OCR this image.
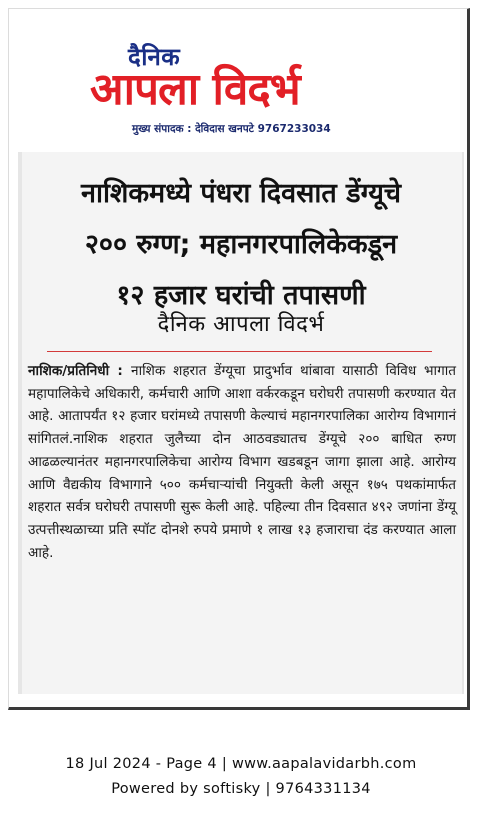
दैनिक
आपला विदर्भ
मुख्य संपादक : देविदास खनपटे 9767233034
नाशिकमध्ये पंधरा दिवसात डेंग्यूचे
२०० रुग्ण; महानगरपालिकेकडून
१२ हजार घरांची तपासणी
दैनिक आपला विदर्भ
नाशिक/प्रतिनिधी : नाशिक शहरात डेंग्यूचा प्रादुर्भाव थांबावा यासाठी विविध भागात महापालिकेचे अधिकारी, कर्मचारी आणि आशा वर्करकडून घरोघरी तपासणी करण्यात येत आहे. आतापर्यंत १२ हजार घरांमध्ये तपासणी केल्याचं महानगरपालिका आरोग्य विभागानं सांगितलं.नाशिक शहरात जुलैच्या दोन आठवड्यातच डेंग्यूचे २०० बाधित रुग्ण आढळल्यानंतर महानगरपालिकेचा आरोग्य विभाग खडबडून जागा झाला आहे. आरोग्य आणि वैद्यकीय विभागाने ५०० कर्मचाऱ्यांची नियुक्ती केली असून १७५ पथकांमार्फत शहरात सर्वत्र घरोघरी तपासणी सुरू केली आहे. पहिल्या तीन दिवसात ४९२ जणांना डेंग्यू उत्पत्तीस्थळाच्या प्रति स्पॉट दोनशे रुपये प्रमाणे १ लाख १३ हजाराचा दंड करण्यात आला आहे.
18 Jul 2024 - Page 4 | www.aapalavidarbh.com
Powered by softisky | 9764331134
